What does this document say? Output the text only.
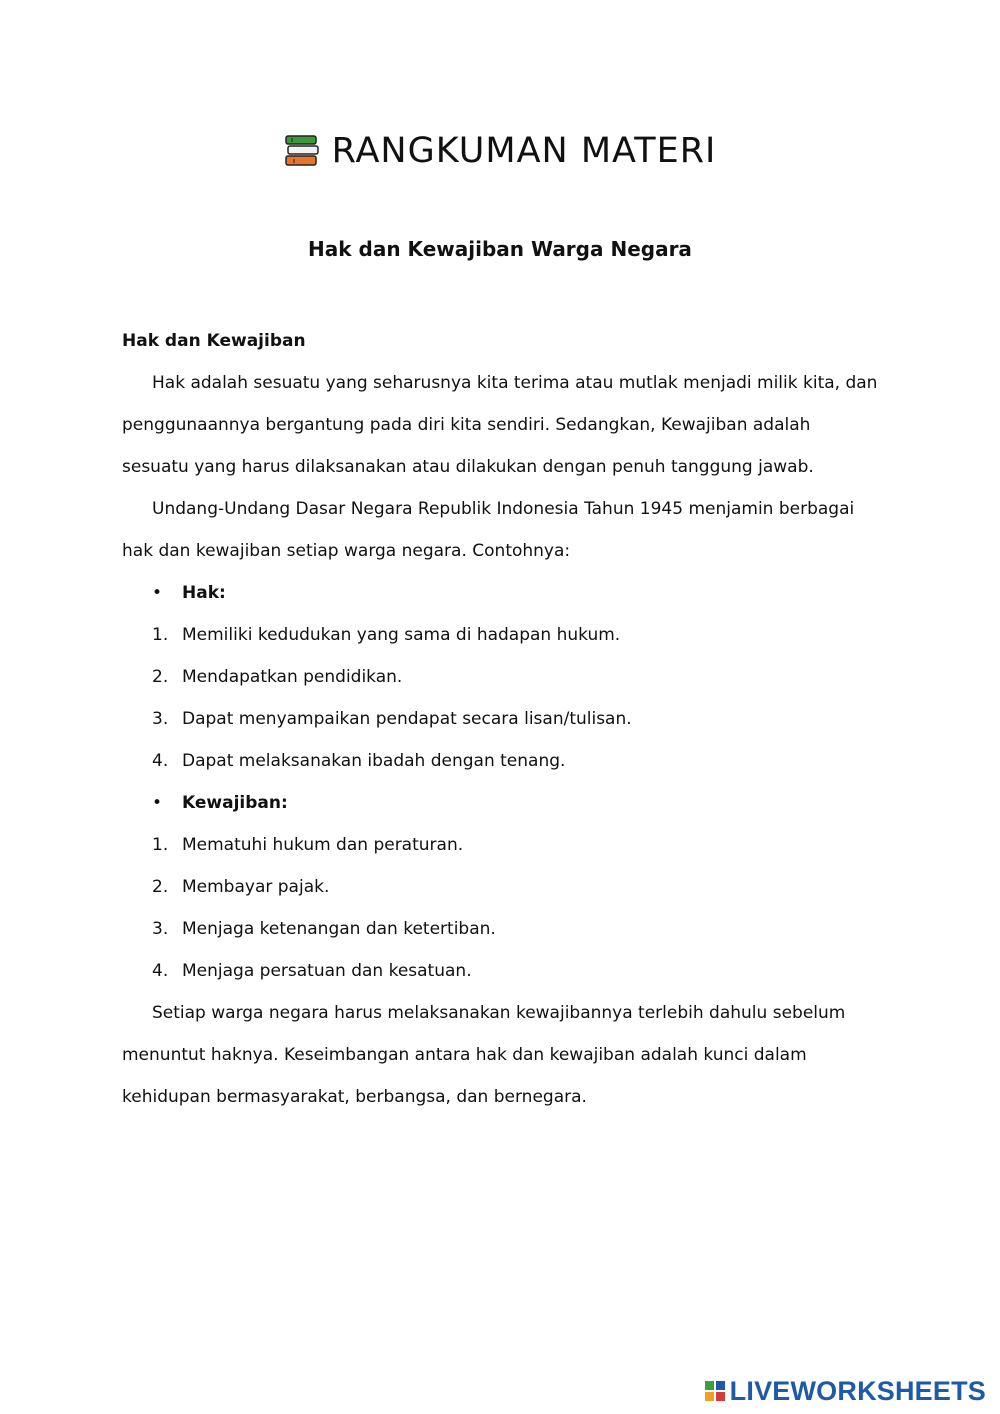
RANGKUMAN MATERI
Hak dan Kewajiban Warga Negara

Hak dan Kewajiban

Hak adalah sesuatu yang seharusnya kita terima atau mutlak menjadi milik kita, dan penggunaannya bergantung pada diri kita sendiri. Sedangkan, Kewajiban adalah sesuatu yang harus dilaksanakan atau dilakukan dengan penuh tanggung jawab.

Undang-Undang Dasar Negara Republik Indonesia Tahun 1945 menjamin berbagai hak dan kewajiban setiap warga negara. Contohnya:

•	Hak:
1. Memiliki kedudukan yang sama di hadapan hukum.
2. Mendapatkan pendidikan.
3. Dapat menyampaikan pendapat secara lisan/tulisan.
4. Dapat melaksanakan ibadah dengan tenang.
•	Kewajiban:
1. Mematuhi hukum dan peraturan.
2. Membayar pajak.
3. Menjaga ketenangan dan ketertiban.
4. Menjaga persatuan dan kesatuan.

Setiap warga negara harus melaksanakan kewajibannya terlebih dahulu sebelum menuntut haknya. Keseimbangan antara hak dan kewajiban adalah kunci dalam kehidupan bermasyarakat, berbangsa, dan bernegara.

LIVEWORKSHEETS
